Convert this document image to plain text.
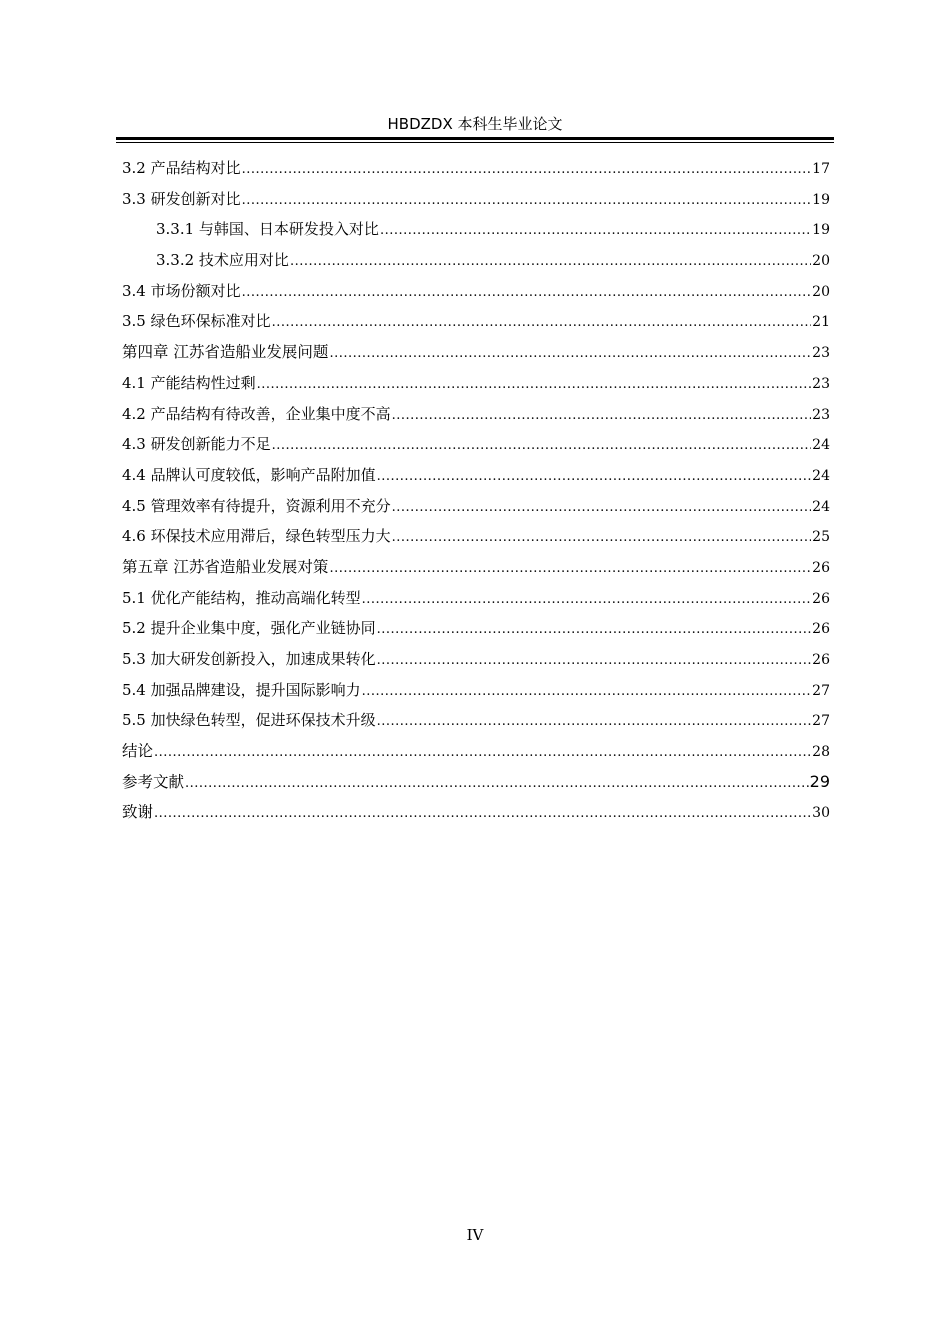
HBDZDX 本科生毕业论文
3.2 产品结构对比 .....	17
3.3 研发创新对比 .....	19
3.3.1 与韩国、日本研发投入对比 .....	19
3.3.2 技术应用对比 .....	20
3.4 市场份额对比 .....	20
3.5 绿色环保标准对比 .....	21
第四章 江苏省造船业发展问题 .....	23
4.1 产能结构性过剩 .....	23
4.2 产品结构有待改善，企业集中度不高 .....	23
4.3 研发创新能力不足 .....	24
4.4 品牌认可度较低，影响产品附加值 .....	24
4.5 管理效率有待提升，资源利用不充分 .....	24
4.6 环保技术应用滞后，绿色转型压力大 .....	25
第五章 江苏省造船业发展对策 .....	26
5.1 优化产能结构，推动高端化转型 .....	26
5.2 提升企业集中度，强化产业链协同 .....	26
5.3 加大研发创新投入，加速成果转化 .....	26
5.4 加强品牌建设，提升国际影响力 .....	27
5.5 加快绿色转型，促进环保技术升级 .....	27
结论 .....	28
参考文献 .....	29
致谢 .....	30
IV
